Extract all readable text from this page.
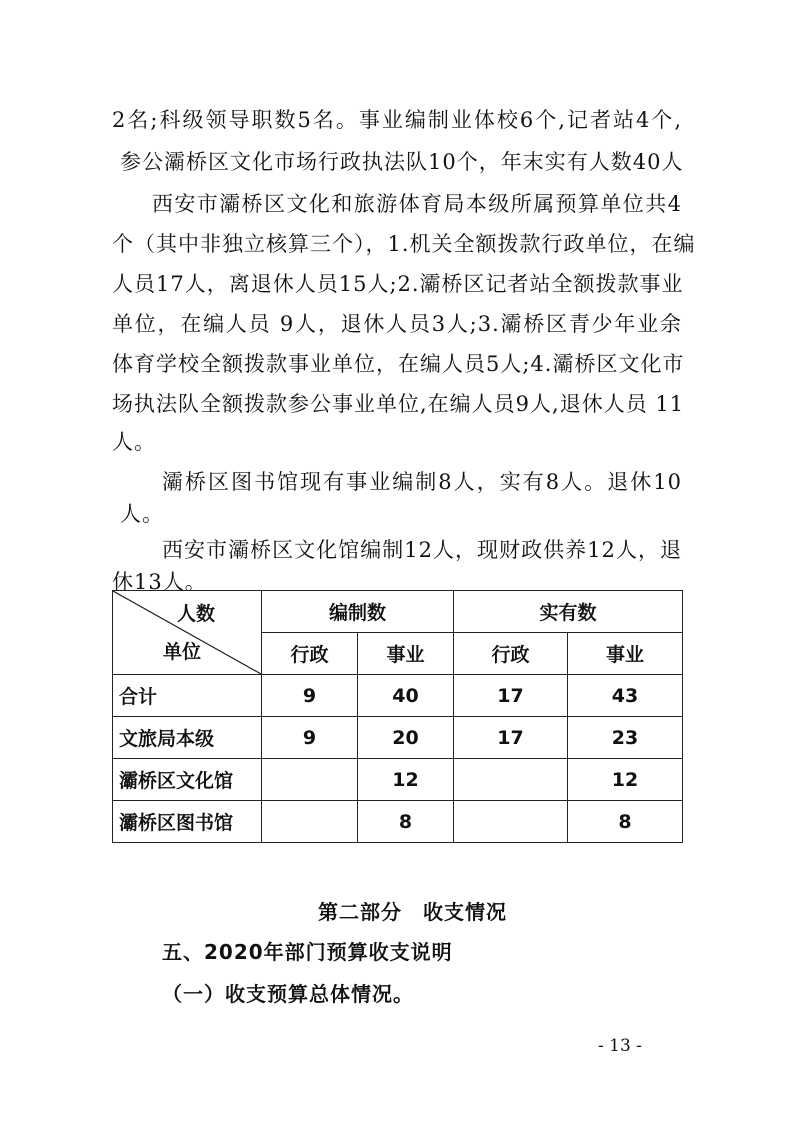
2名;科级领导职数5名。事业编制业体校6个,记者站4个,
参公灞桥区文化市场行政执法队10个，年末实有人数40人
西安市灞桥区文化和旅游体育局本级所属预算单位共4
个（其中非独立核算三个），1.机关全额拨款行政单位，在编
人员17人，离退休人员15人;2.灞桥区记者站全额拨款事业
单位，在编人员 9人，退休人员3人;3.灞桥区青少年业余
体育学校全额拨款事业单位，在编人员5人;4.灞桥区文化市
场执法队全额拨款参公事业单位,在编人员9人,退休人员 11
人。
灞桥区图书馆现有事业编制8人，实有8人。退休10
人。
西安市灞桥区文化馆编制12人，现财政供养12人，退
休13人。
人数
单位	编制数		实有数	
	行政	事业	行政	事业
合计	9	40	17	43
文旅局本级	9	20	17	23
灞桥区文化馆		12		12
灞桥区图书馆		8		8
第二部分　收支情况
五、2020年部门预算收支说明
（一）收支预算总体情况。
- 13 -
